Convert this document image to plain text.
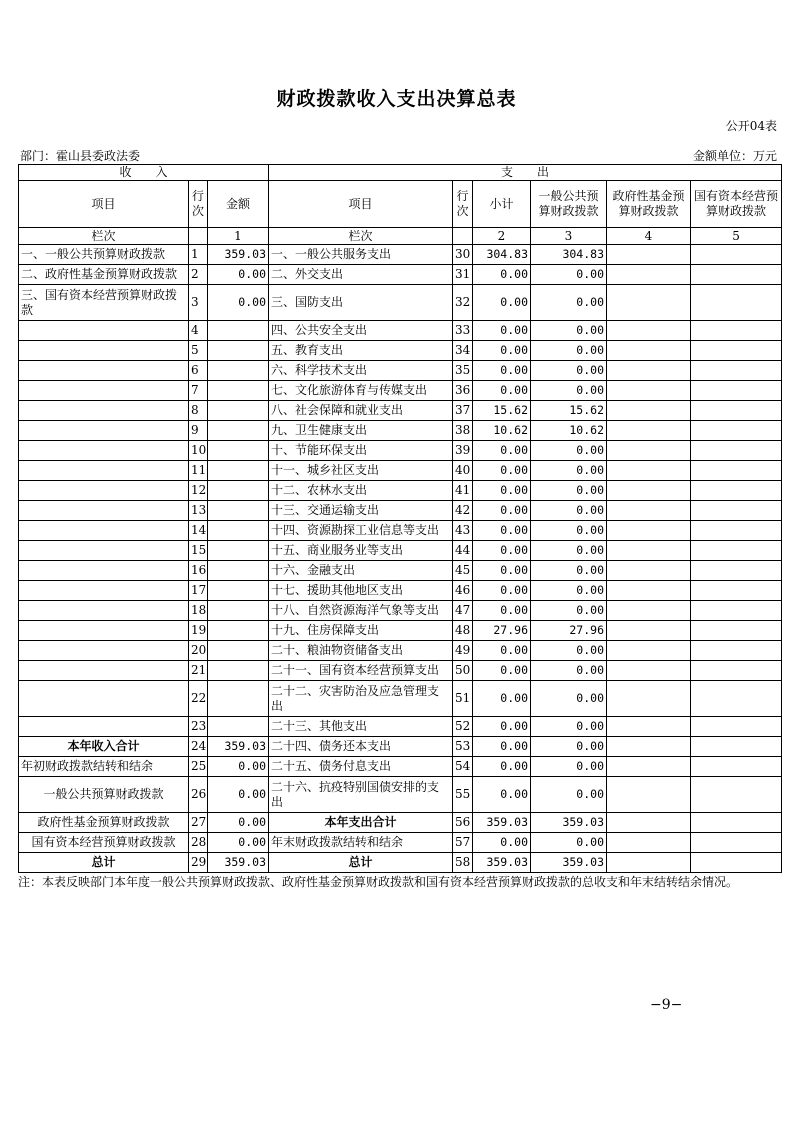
财政拨款收入支出决算总表
公开04表
部门：霍山县委政法委	金额单位：万元
收　　入			支　　出					
项目	行次	金额	项目	行次	小计	一般公共预算财政拨款	政府性基金预算财政拨款	国有资本经营预算财政拨款
栏次		1	栏次		2	3	4	5
一、一般公共预算财政拨款	1	359.03	一、一般公共服务支出	30	304.83	304.83		
二、政府性基金预算财政拨款	2	0.00	二、外交支出	31	0.00	0.00		
三、国有资本经营预算财政拨款	3	0.00	三、国防支出	32	0.00	0.00		
	4		四、公共安全支出	33	0.00	0.00		
	5		五、教育支出	34	0.00	0.00		
	6		六、科学技术支出	35	0.00	0.00		
	7		七、文化旅游体育与传媒支出	36	0.00	0.00		
	8		八、社会保障和就业支出	37	15.62	15.62		
	9		九、卫生健康支出	38	10.62	10.62		
	10		十、节能环保支出	39	0.00	0.00		
	11		十一、城乡社区支出	40	0.00	0.00		
	12		十二、农林水支出	41	0.00	0.00		
	13		十三、交通运输支出	42	0.00	0.00		
	14		十四、资源勘探工业信息等支出	43	0.00	0.00		
	15		十五、商业服务业等支出	44	0.00	0.00		
	16		十六、金融支出	45	0.00	0.00		
	17		十七、援助其他地区支出	46	0.00	0.00		
	18		十八、自然资源海洋气象等支出	47	0.00	0.00		
	19		十九、住房保障支出	48	27.96	27.96		
	20		二十、粮油物资储备支出	49	0.00	0.00		
	21		二十一、国有资本经营预算支出	50	0.00	0.00		
	22		二十二、灾害防治及应急管理支出	51	0.00	0.00		
	23		二十三、其他支出	52	0.00	0.00		
本年收入合计	24	359.03	二十四、债务还本支出	53	0.00	0.00		
年初财政拨款结转和结余	25	0.00	二十五、债务付息支出	54	0.00	0.00		
一般公共预算财政拨款	26	0.00	二十六、抗疫特别国债安排的支出	55	0.00	0.00		
政府性基金预算财政拨款	27	0.00	本年支出合计	56	359.03	359.03		
国有资本经营预算财政拨款	28	0.00	年末财政拨款结转和结余	57	0.00	0.00		
总计	29	359.03	总计	58	359.03	359.03		
注：本表反映部门本年度一般公共预算财政拨款、政府性基金预算财政拨款和国有资本经营预算财政拨款的总收支和年末结转结余情况。
−9−
